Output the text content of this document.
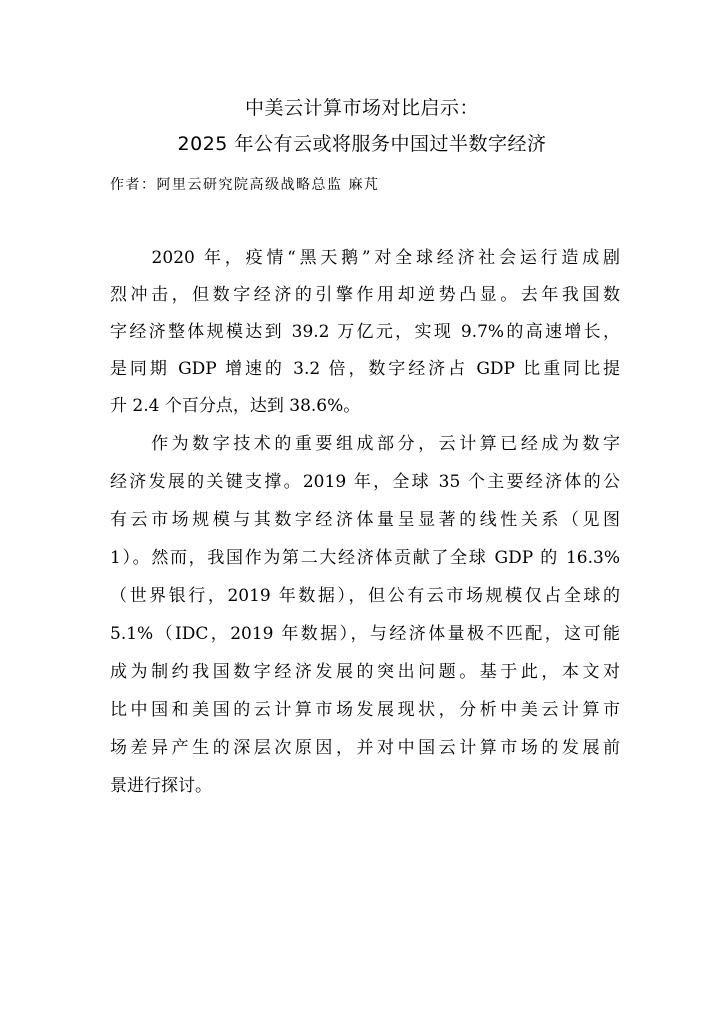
中美云计算市场对比启示：
2025 年公有云或将服务中国过半数字经济
作者：阿里云研究院高级战略总监 麻芃
　　2020 年，疫情“黑天鹅”对全球经济社会运行造成剧
烈冲击，但数字经济的引擎作用却逆势凸显。去年我国数
字经济整体规模达到 39.2 万亿元，实现 9.7%的高速增长，
是同期 GDP 增速的 3.2 倍，数字经济占 GDP 比重同比提
升 2.4 个百分点，达到 38.6%。
　　作为数字技术的重要组成部分，云计算已经成为数字
经济发展的关键支撑。2019 年，全球 35 个主要经济体的公
有云市场规模与其数字经济体量呈显著的线性关系（见图
1）。然而，我国作为第二大经济体贡献了全球 GDP 的 16.3%
（世界银行，2019 年数据），但公有云市场规模仅占全球的
5.1%（IDC，2019 年数据），与经济体量极不匹配，这可能
成为制约我国数字经济发展的突出问题。基于此，本文对
比中国和美国的云计算市场发展现状，分析中美云计算市
场差异产生的深层次原因，并对中国云计算市场的发展前
景进行探讨。
